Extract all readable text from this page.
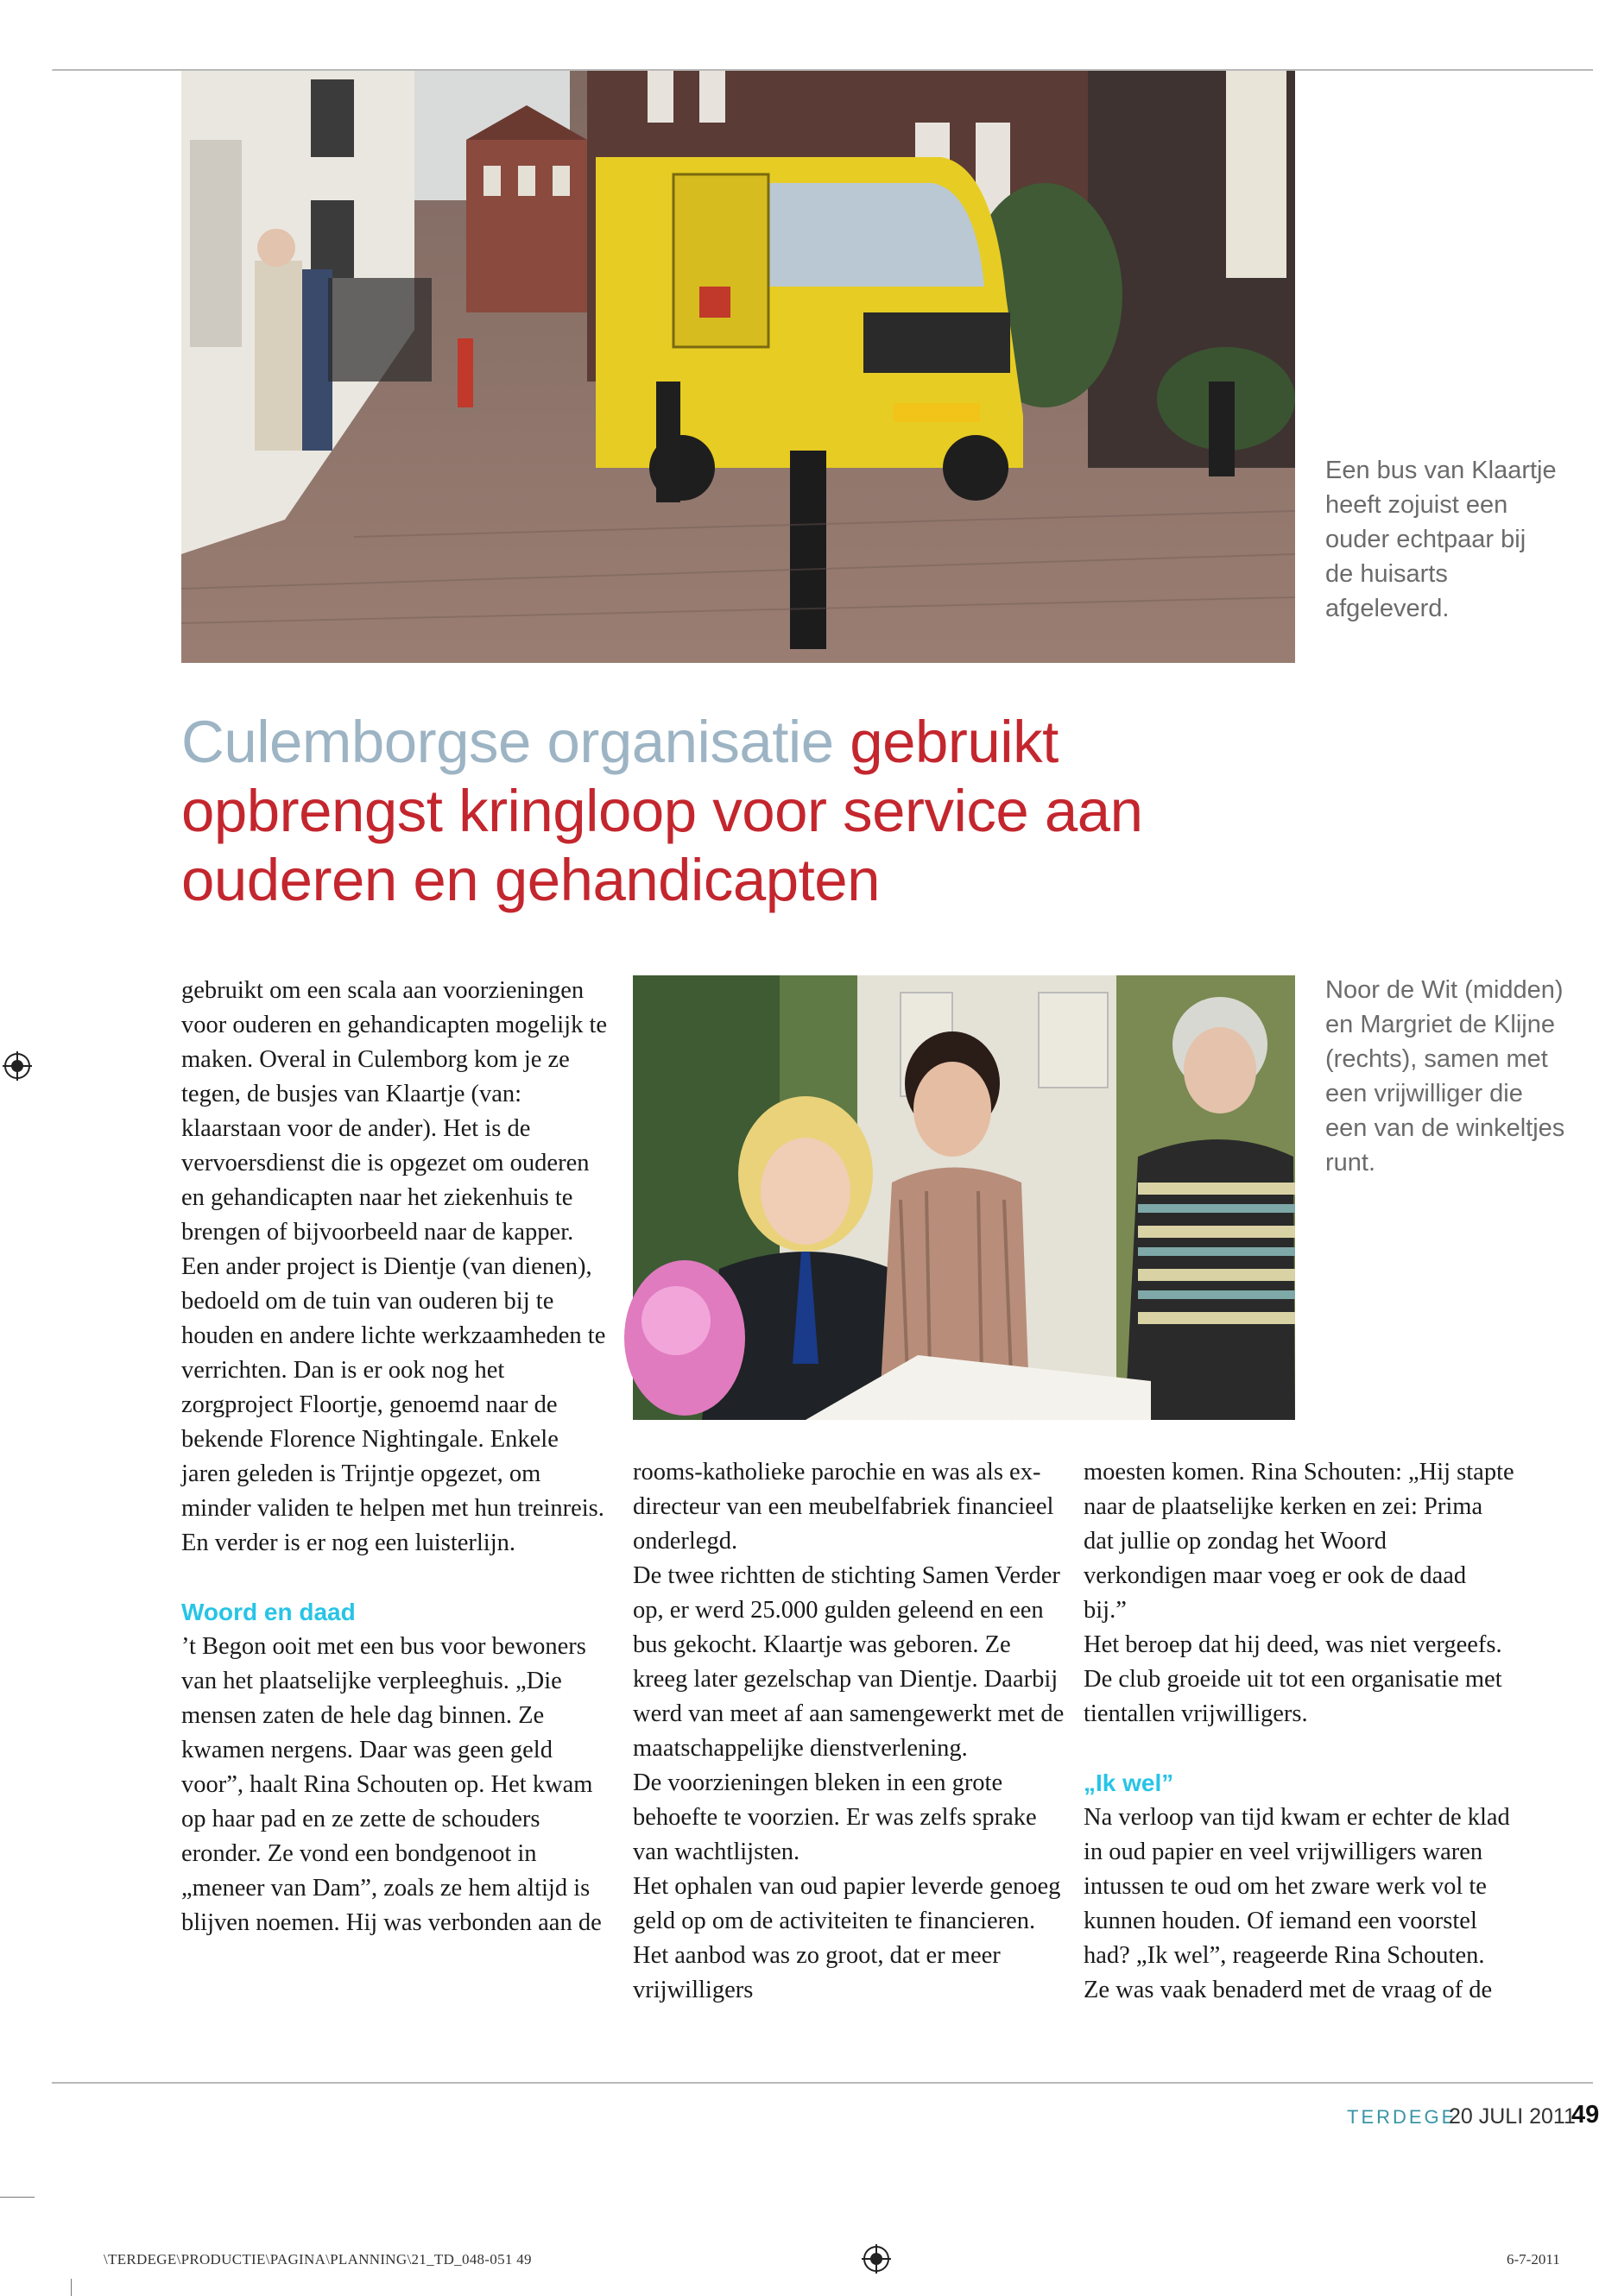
Een bus van Klaartje heeft zojuist een ouder echtpaar bij de huisarts afgeleverd.
Culemborgse organisatie gebruikt opbrengst kringloop voor service aan ouderen en gehandicapten

gebruikt om een scala aan voorzieningen voor ouderen en gehandicapten mogelijk te maken. Overal in Culemborg kom je ze tegen, de busjes van Klaartje (van: klaarstaan voor de ander). Het is de vervoersdienst die is opgezet om ouderen en gehandicapten naar het ziekenhuis te brengen of bijvoorbeeld naar de kapper.

Een ander project is Dientje (van dienen), bedoeld om de tuin van ouderen bij te houden en andere lichte werkzaamheden te verrichten. Dan is er ook nog het zorgproject Floortje, genoemd naar de bekende Florence Nightingale. Enkele jaren geleden is Trijntje opgezet, om minder validen te helpen met hun treinreis. En verder is er nog een luisterlijn.

Woord en daad

’t Begon ooit met een bus voor bewoners van het plaatselijke verpleeghuis. „Die mensen zaten de hele dag binnen. Ze kwamen nergens. Daar was geen geld voor”, haalt Rina Schouten op. Het kwam op haar pad en ze zette de schouders eronder. Ze vond een bondgenoot in „meneer van Dam”, zoals ze hem altijd is blijven noemen. Hij was verbonden aan de

Noor de Wit (midden) en Margriet de Klijne (rechts), samen met een vrijwilliger die een van de winkeltjes runt.

rooms-katholieke parochie en was als ex-directeur van een meubelfabriek financieel onderlegd.

De twee richtten de stichting Samen Verder op, er werd 25.000 gulden geleend en een bus gekocht. Klaartje was geboren. Ze kreeg later gezelschap van Dientje. Daarbij werd van meet af aan samengewerkt met de maatschappelijke dienstverlening.

De voorzieningen bleken in een grote behoefte te voorzien. Er was zelfs sprake van wachtlijsten.

Het ophalen van oud papier leverde genoeg geld op om de activiteiten te financieren. Het aanbod was zo groot, dat er meer vrijwilligers

moesten komen. Rina Schouten: „Hij stapte naar de plaatselijke kerken en zei: Prima dat jullie op zondag het Woord verkondigen maar voeg er ook de daad bij.”

Het beroep dat hij deed, was niet vergeefs. De club groeide uit tot een organisatie met tientallen vrijwilligers.

„Ik wel”

Na verloop van tijd kwam er echter de klad in oud papier en veel vrijwilligers waren intussen te oud om het zware werk vol te kunnen houden. Of iemand een voorstel had? „Ik wel”, reageerde Rina Schouten. Ze was vaak benaderd met de vraag of de

TERDEGE
20 JULI 2011
49
\TERDEGE\PRODUCTIE\PAGINA\PLANNING\21_TD_048-051 49	6-7-2011
